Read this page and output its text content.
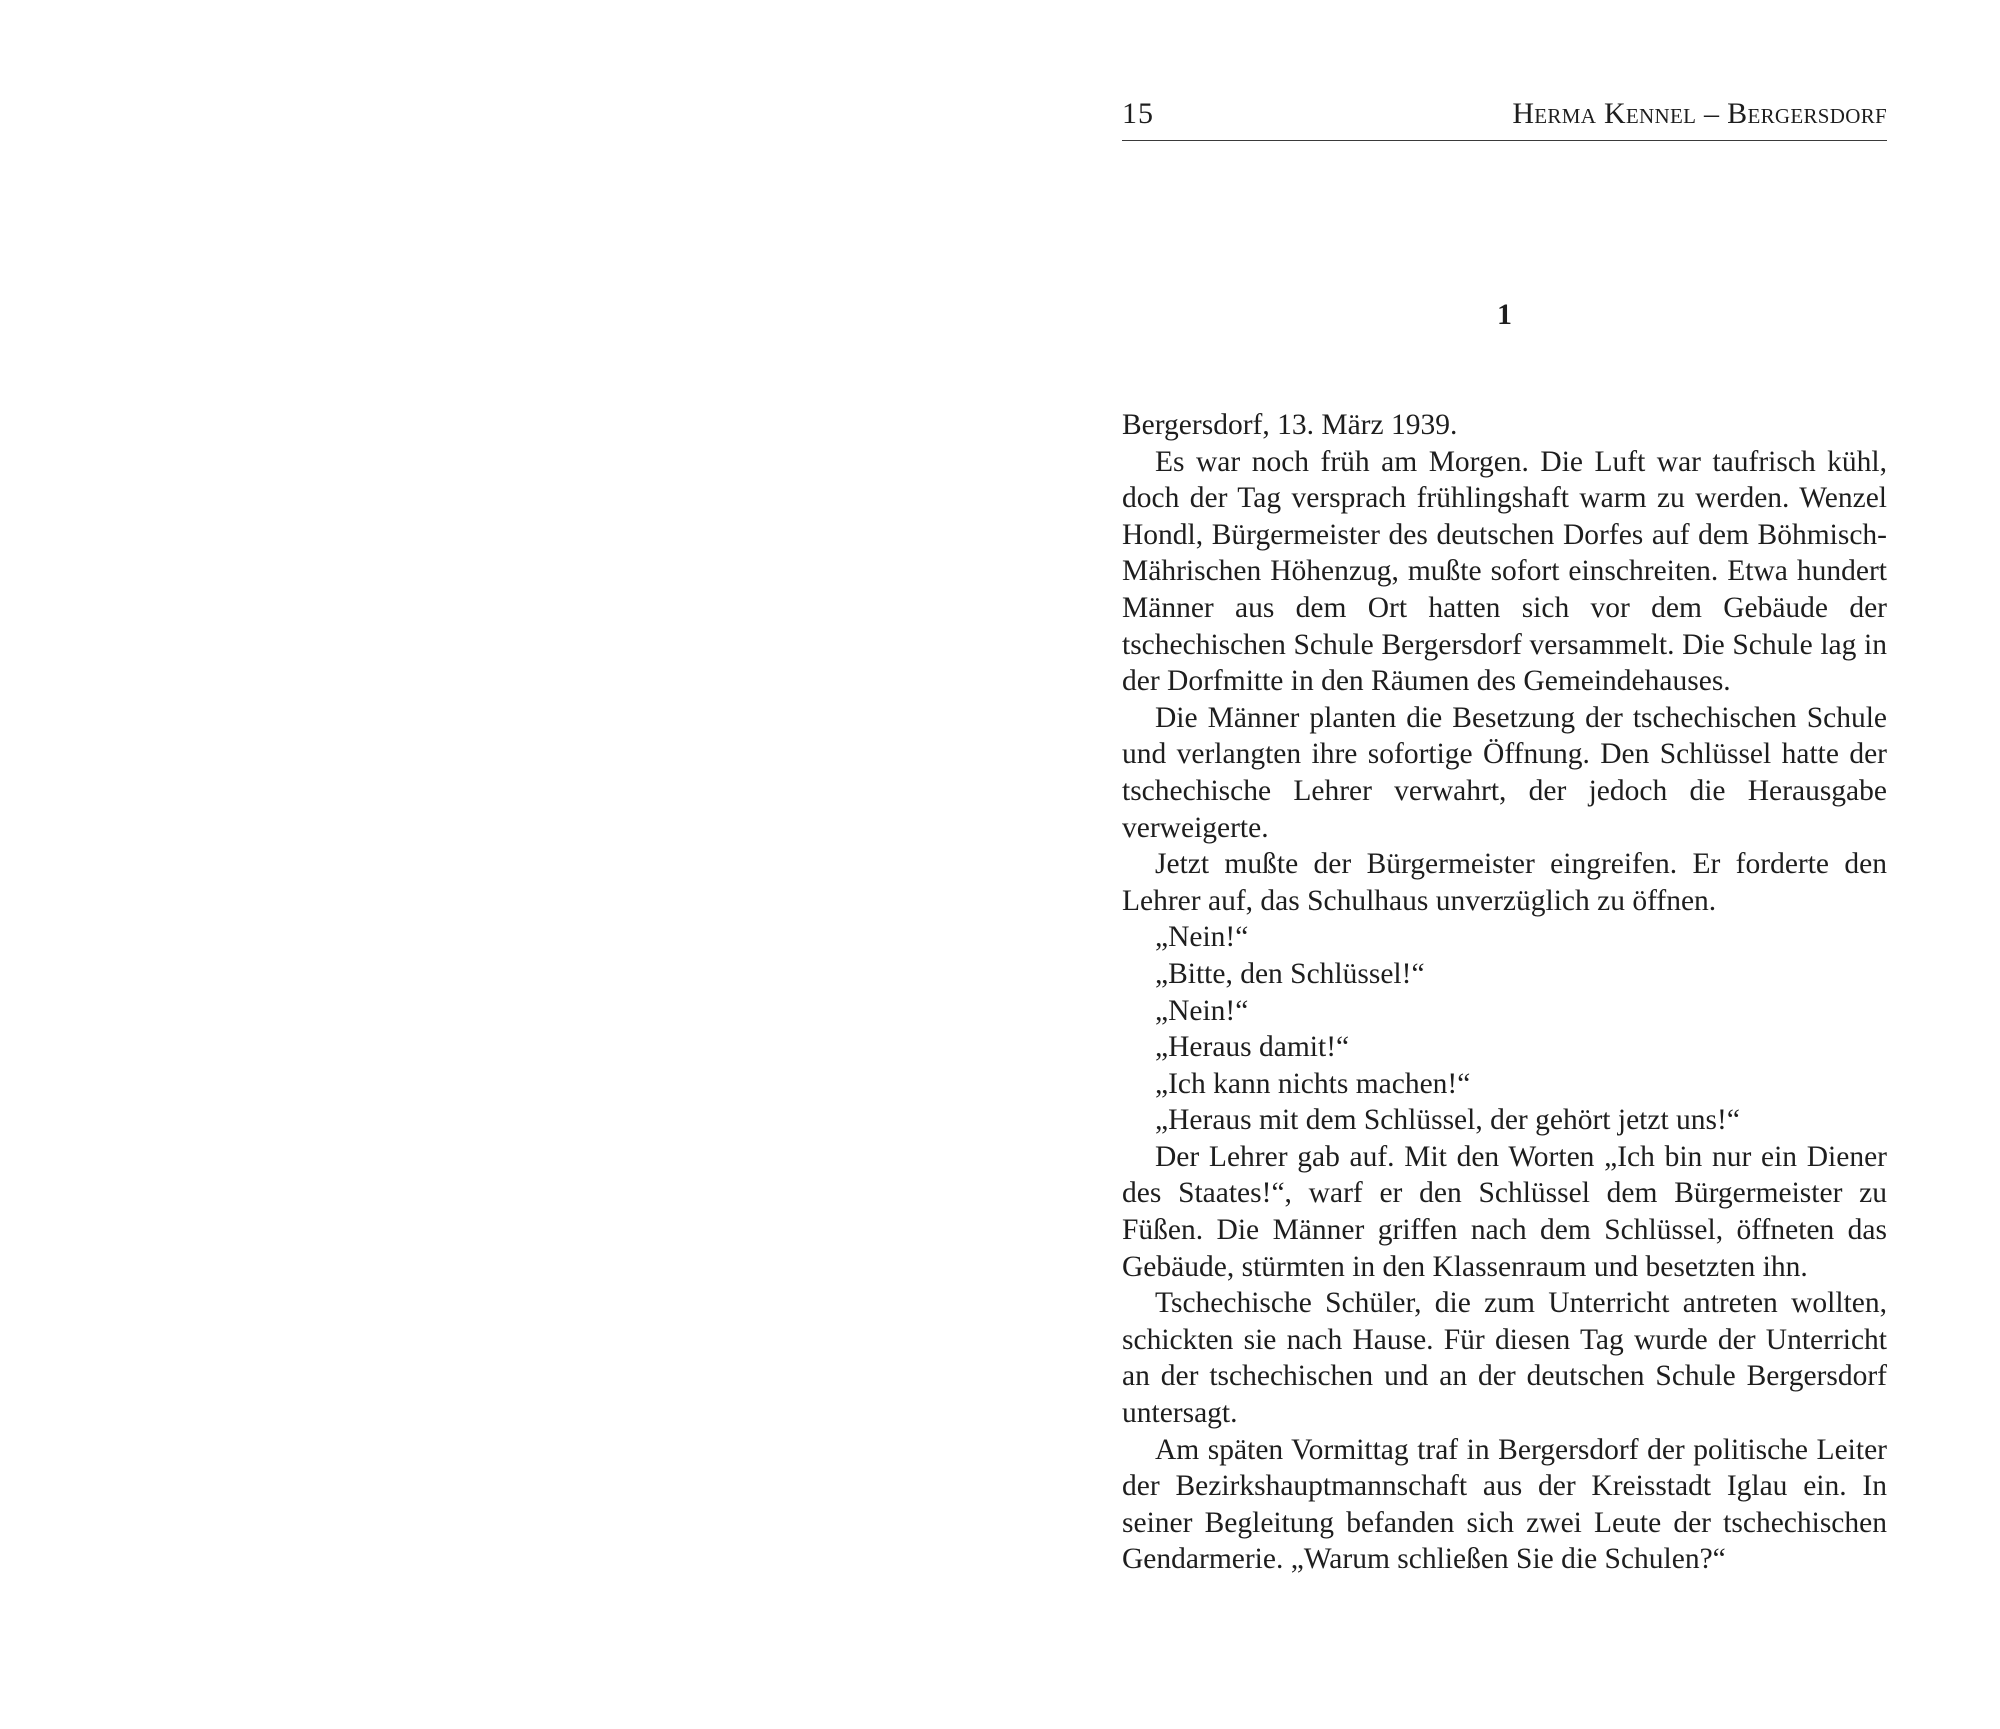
15	Herma Kennel – Bergersdorf
1

Bergersdorf, 13. März 1939.

Es war noch früh am Morgen. Die Luft war taufrisch kühl, doch der Tag versprach frühlingshaft warm zu werden. Wenzel Hondl, Bürgermeister des deutschen Dorfes auf dem Böhmisch-Mährischen Höhenzug, mußte sofort einschreiten. Etwa hundert Männer aus dem Ort hatten sich vor dem Gebäude der tschechischen Schule Bergersdorf versammelt. Die Schule lag in der Dorfmitte in den Räumen des Gemeindehauses.

Die Männer planten die Besetzung der tschechischen Schule und verlangten ihre sofortige Öffnung. Den Schlüssel hatte der tschechische Lehrer verwahrt, der jedoch die Herausgabe verweigerte.

Jetzt mußte der Bürgermeister eingreifen. Er forderte den Lehrer auf, das Schulhaus unverzüglich zu öffnen.

„Nein!“

„Bitte, den Schlüssel!“

„Nein!“

„Heraus damit!“

„Ich kann nichts machen!“

„Heraus mit dem Schlüssel, der gehört jetzt uns!“

Der Lehrer gab auf. Mit den Worten „Ich bin nur ein Diener des Staates!“, warf er den Schlüssel dem Bürgermeister zu Füßen. Die Männer griffen nach dem Schlüssel, öffneten das Gebäude, stürmten in den Klassenraum und besetzten ihn.

Tschechische Schüler, die zum Unterricht antreten wollten, schickten sie nach Hause. Für diesen Tag wurde der Unterricht an der tschechischen und an der deutschen Schule Bergersdorf untersagt.

Am späten Vormittag traf in Bergersdorf der politische Leiter der Bezirkshauptmannschaft aus der Kreisstadt Iglau ein. In seiner Begleitung befanden sich zwei Leute der tschechischen Gendarmerie. „Warum schließen Sie die Schulen?“
